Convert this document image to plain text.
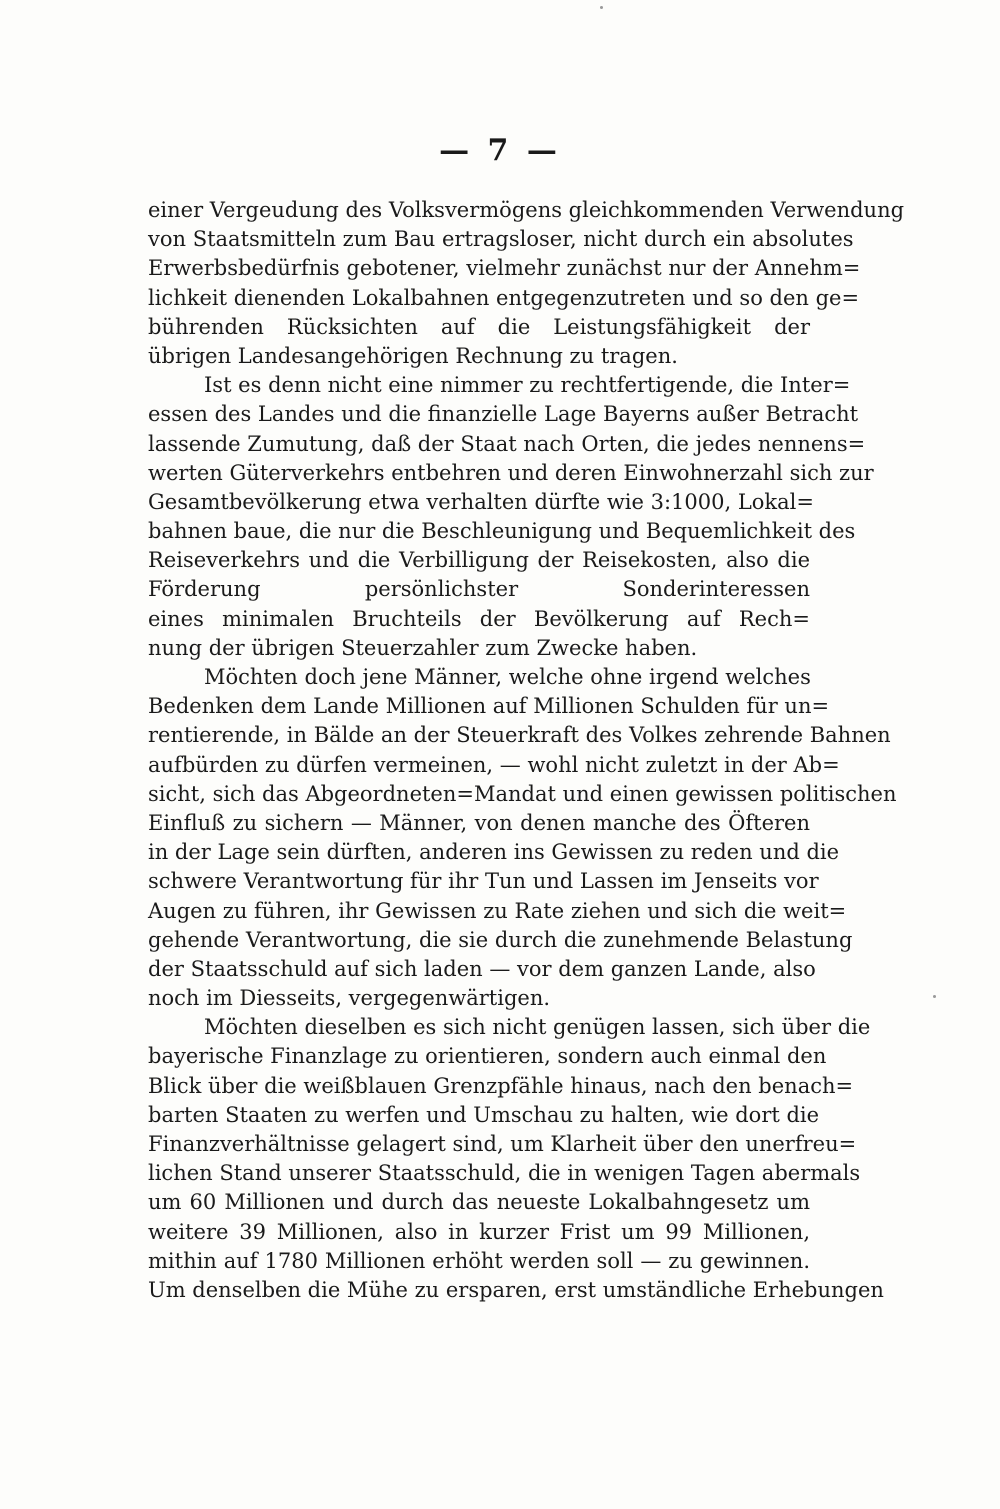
— 7 —
einer Vergeudung des Volksvermögens gleichkommenden Verwendung
von Staatsmitteln zum Bau ertragsloser, nicht durch ein absolutes
Erwerbsbedürfnis gebotener, vielmehr zunächst nur der Annehm=
lichkeit dienenden Lokalbahnen entgegenzutreten und so den ge=
bührenden Rücksichten auf die Leistungsfähigkeit der
übrigen Landesangehörigen Rechnung zu tragen.
Ist es denn nicht eine nimmer zu rechtfertigende, die Inter=
essen des Landes und die finanzielle Lage Bayerns außer Betracht
lassende Zumutung, daß der Staat nach Orten, die jedes nennens=
werten Güterverkehrs entbehren und deren Einwohnerzahl sich zur
Gesamtbevölkerung etwa verhalten dürfte wie 3:1000, Lokal=
bahnen baue, die nur die Beschleunigung und Bequemlichkeit des
Reiseverkehrs und die Verbilligung der Reisekosten, also die
Förderung persönlichster Sonderinteressen
eines minimalen Bruchteils der Bevölkerung auf Rech=
nung der übrigen Steuerzahler zum Zwecke haben.
Möchten doch jene Männer, welche ohne irgend welches
Bedenken dem Lande Millionen auf Millionen Schulden für un=
rentierende, in Bälde an der Steuerkraft des Volkes zehrende Bahnen
aufbürden zu dürfen vermeinen, — wohl nicht zuletzt in der Ab=
sicht, sich das Abgeordneten=Mandat und einen gewissen politischen
Einfluß zu sichern — Männer, von denen manche des Öfteren
in der Lage sein dürften, anderen ins Gewissen zu reden und die
schwere Verantwortung für ihr Tun und Lassen im Jenseits vor
Augen zu führen, ihr Gewissen zu Rate ziehen und sich die weit=
gehende Verantwortung, die sie durch die zunehmende Belastung
der Staatsschuld auf sich laden — vor dem ganzen Lande, also
noch im Diesseits, vergegenwärtigen.
Möchten dieselben es sich nicht genügen lassen, sich über die
bayerische Finanzlage zu orientieren, sondern auch einmal den
Blick über die weißblauen Grenzpfähle hinaus, nach den benach=
barten Staaten zu werfen und Umschau zu halten, wie dort die
Finanzverhältnisse gelagert sind, um Klarheit über den unerfreu=
lichen Stand unserer Staatsschuld, die in wenigen Tagen abermals
um 60 Millionen und durch das neueste Lokalbahngesetz um
weitere 39 Millionen, also in kurzer Frist um 99 Millionen,
mithin auf 1780 Millionen erhöht werden soll — zu gewinnen.
Um denselben die Mühe zu ersparen, erst umständliche Erhebungen
